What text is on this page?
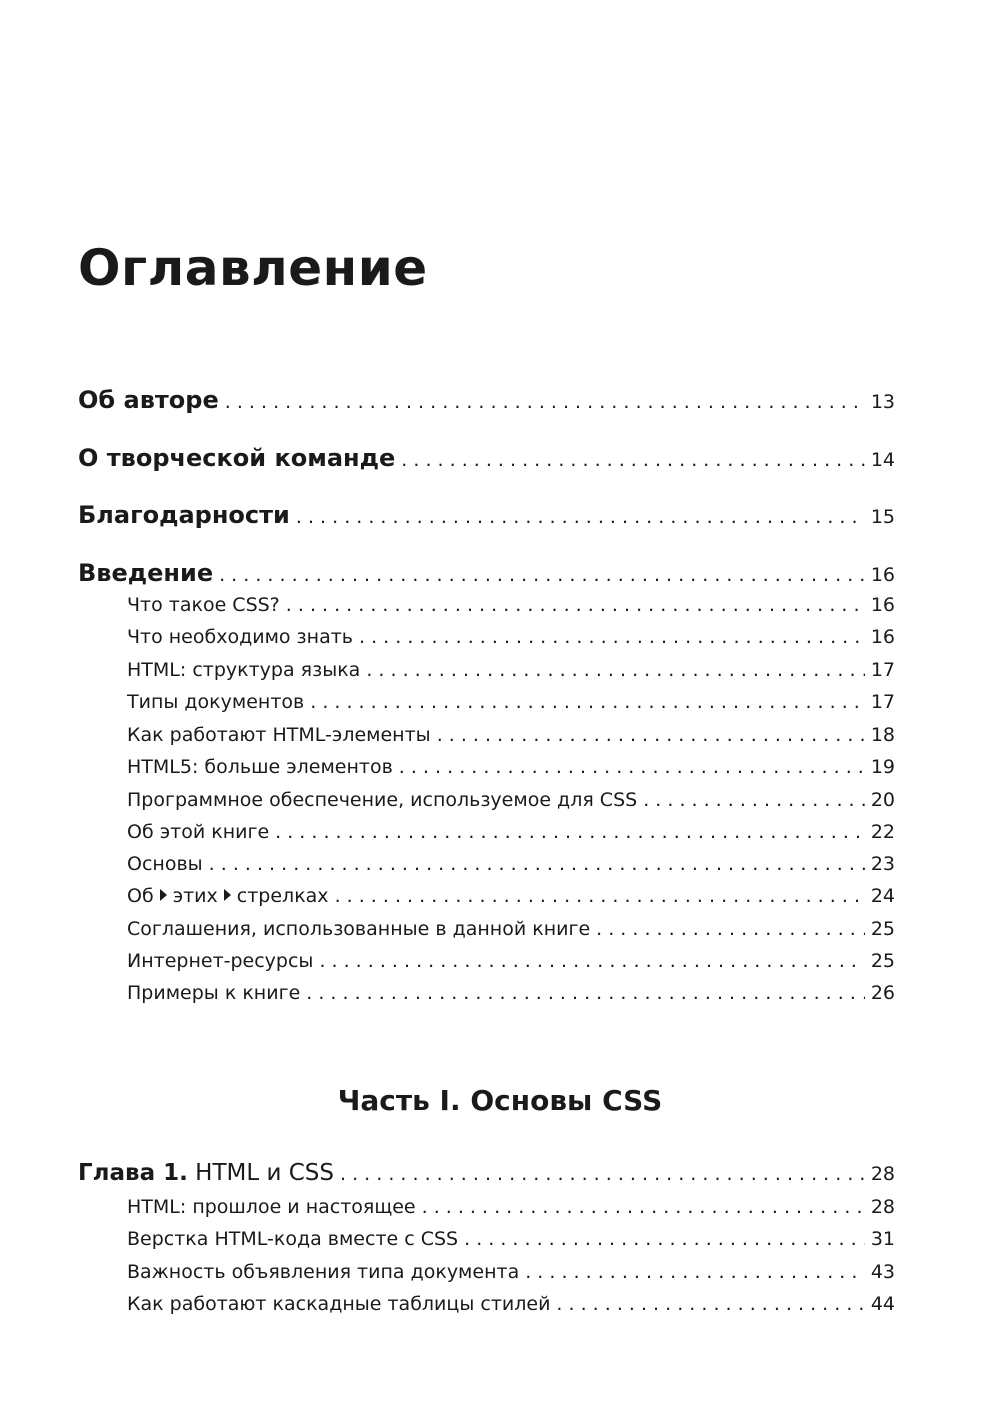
Оглавление
Об авторе . . .	13
О творческой команде . . .	14
Благодарности . . .	15
Введение . . .	16
Что такое CSS? . . .	16
Что необходимо знать . . .	16
HTML: структура языка . . .	17
Типы документов . . .	17
Как работают HTML-элементы . . .	18
HTML5: больше элементов . . .	19
Программное обеспечение, используемое для CSS . . .	20
Об этой книге . . .	22
Основы . . .	23
Об этих стрелках . . .	24
Соглашения, использованные в данной книге . . .	25
Интернет-ресурсы . . .	25
Примеры к книге . . .	26
Часть I. Основы CSS
Глава 1. HTML и CSS . . .	28
HTML: прошлое и настоящее . . .	28
Верстка HTML-кода вместе с CSS . . .	31
Важность объявления типа документа . . .	43
Как работают каскадные таблицы стилей . . .	44
